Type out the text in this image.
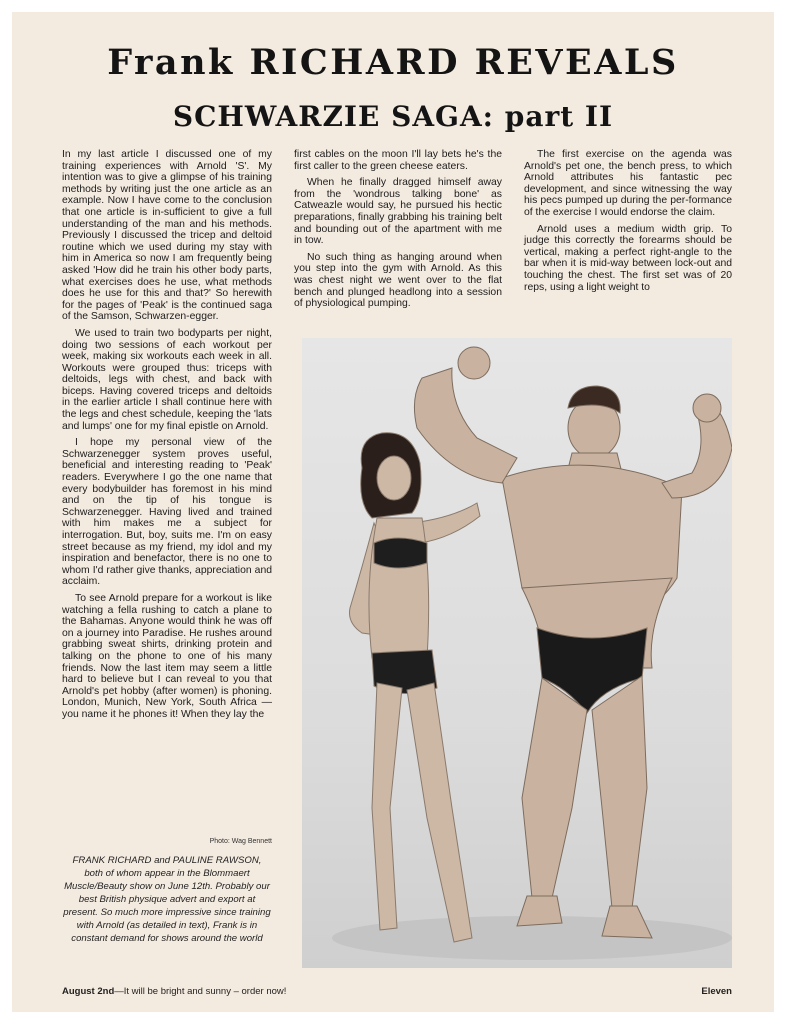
Frank RICHARD REVEALS
SCHWARZIE SAGA: part II

In my last article I discussed one of my training experiences with Arnold 'S'. My intention was to give a glimpse of his training methods by writing just the one article as an example. Now I have come to the conclusion that one article is in-sufficient to give a full understanding of the man and his methods. Previously I discussed the tricep and deltoid routine which we used during my stay with him in America so now I am frequently being asked 'How did he train his other body parts, what exercises does he use, what methods does he use for this and that?' So herewith for the pages of 'Peak' is the continued saga of the Samson, Schwarzen-egger.

We used to train two bodyparts per night, doing two sessions of each workout per week, making six workouts each week in all. Workouts were grouped thus: triceps with deltoids, legs with chest, and back with biceps. Having covered triceps and deltoids in the earlier article I shall continue here with the legs and chest schedule, keeping the 'lats and lumps' one for my final epistle on Arnold.

I hope my personal view of the Schwarzenegger system proves useful, beneficial and interesting reading to 'Peak' readers. Everywhere I go the one name that every bodybuilder has foremost in his mind and on the tip of his tongue is Schwarzenegger. Having lived and trained with him makes me a subject for interrogation. But, boy, suits me. I'm on easy street because as my friend, my idol and my inspiration and benefactor, there is no one to whom I'd rather give thanks, appreciation and acclaim.

To see Arnold prepare for a workout is like watching a fella rushing to catch a plane to the Bahamas. Anyone would think he was off on a journey into Paradise. He rushes around grabbing sweat shirts, drinking protein and talking on the phone to one of his many friends. Now the last item may seem a little hard to believe but I can reveal to you that Arnold's pet hobby (after women) is phoning. London, Munich, New York, South Africa — you name it he phones it! When they lay the

first cables on the moon I'll lay bets he's the first caller to the green cheese eaters.

When he finally dragged himself away from the 'wondrous talking bone' as Catweazle would say, he pursued his hectic preparations, finally grabbing his training belt and bounding out of the apartment with me in tow.

No such thing as hanging around when you step into the gym with Arnold. As this was chest night we went over to the flat bench and plunged headlong into a session of physiological pumping.

The first exercise on the agenda was Arnold's pet one, the bench press, to which Arnold attributes his fantastic pec development, and since witnessing the way his pecs pumped up during the per-formance of the exercise I would endorse the claim.

Arnold uses a medium width grip. To judge this correctly the forearms should be vertical, making a perfect right-angle to the bar when it is mid-way between lock-out and touching the chest. The first set was of 20 reps, using a light weight to

Photo: Wag Bennett
FRANK RICHARD and PAULINE RAWSON, both of whom appear in the Blommaert Muscle/Beauty show on June 12th. Probably our best British physique advert and export at present. So much more impressive since training with Arnold (as detailed in text), Frank is in constant demand for shows around the world
August 2nd—It will be bright and sunny – order now!	Eleven
